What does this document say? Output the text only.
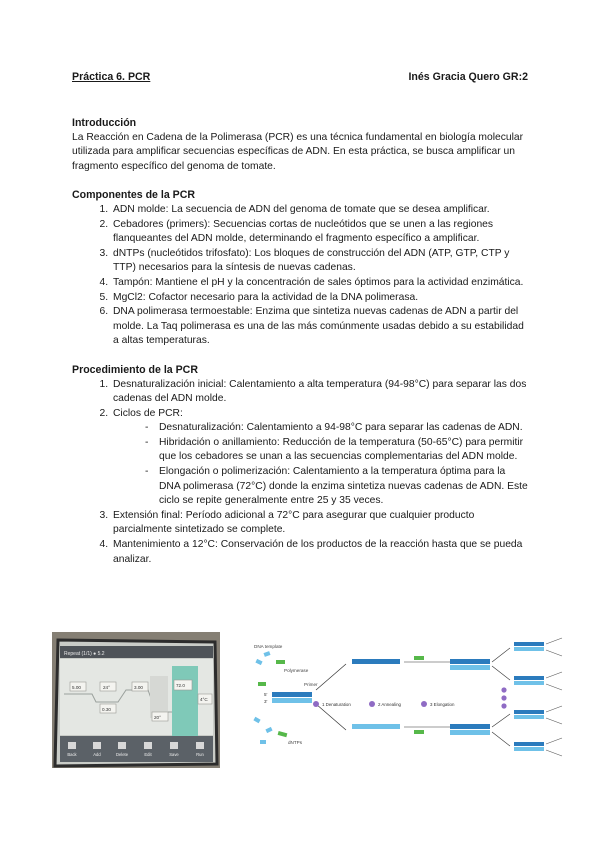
Práctica 6. PCR	Inés Gracia Quero GR:2
Introducción

La Reacción en Cadena de la Polimerasa (PCR) es una técnica fundamental en biología molecular utilizada para amplificar secuencias específicas de ADN. En esta práctica, se busca amplificar un fragmento específico del genoma de tomate.

Componentes de la PCR
1. ADN molde: La secuencia de ADN del genoma de tomate que se desea amplificar.
2. Cebadores (primers): Secuencias cortas de nucleótidos que se unen a las regiones flanqueantes del ADN molde, determinando el fragmento específico a amplificar.
3. dNTPs (nucleótidos trifosfato): Los bloques de construcción del ADN (ATP, GTP, CTP y TTP) necesarios para la síntesis de nuevas cadenas.
4. Tampón: Mantiene el pH y la concentración de sales óptimos para la actividad enzimática.
5. MgCl2: Cofactor necesario para la actividad de la DNA polimerasa.
6. DNA polimerasa termoestable: Enzima que sintetiza nuevas cadenas de ADN a partir del molde. La Taq polimerasa es una de las más comúnmente usadas debido a su estabilidad a altas temperaturas.
Procedimiento de la PCR
1. Desnaturalización inicial: Calentamiento a alta temperatura (94-98°C) para separar las dos cadenas del ADN molde.
2. Ciclos de PCR:
- Desnaturalización: Calentamiento a 94-98°C para separar las cadenas de ADN.
- Hibridación o anillamiento: Reducción de la temperatura (50-65°C) para permitir que los cebadores se unan a las secuencias complementarias del ADN molde.
- Elongación o polimerización: Calentamiento a la temperatura óptima para la DNA polimerasa (72°C) donde la enzima sintetiza nuevas cadenas de ADN. Este ciclo se repite generalmente entre 25 y 35 veces.
3. Extensión final: Período adicional a 72°C para asegurar que cualquier producto parcialmente sintetizado se complete.
4. Mantenimiento a 12°C: Conservación de los productos de la reacción hasta que se pueda analizar.
Repeat (1/1) ● 5.2
5.00	24°	3.00
0.30
72.0
20°
4°C
Back	Add	Delete	Edit	Save	Run
DNA template
Polymerase
dNTPs
Primer
5'
3'
1 Denaturation	2 Annealing	3 Elongation
